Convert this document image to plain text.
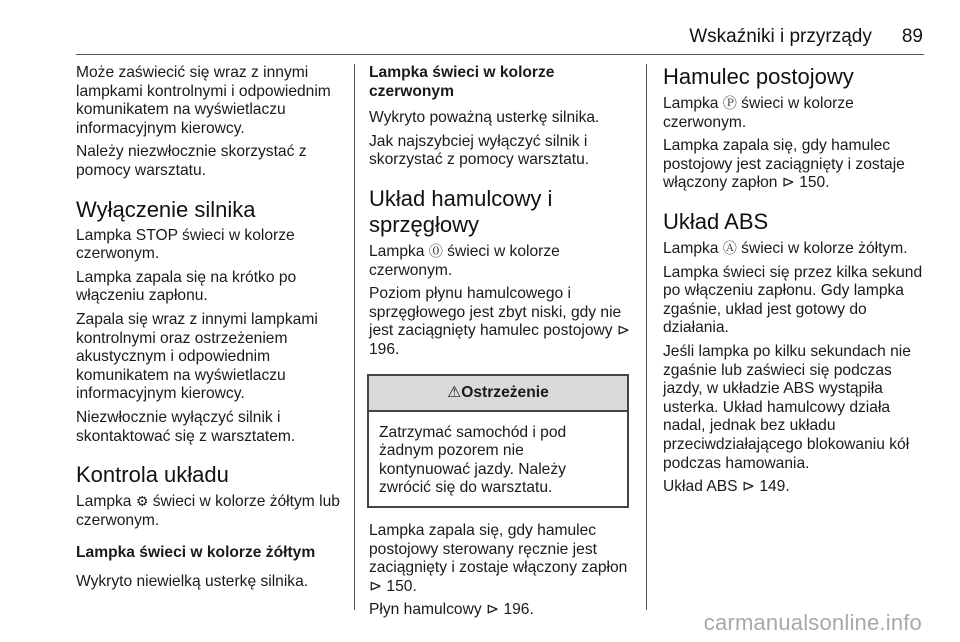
Wskaźniki i przyrządy 89

Może zaświecić się wraz z innymi lampkami kontrolnymi i odpowiednim komunikatem na wyświetlaczu informacyjnym kierowcy.

Należy niezwłocznie skorzystać z pomocy warsztatu.

Wyłączenie silnika

Lampka STOP świeci w kolorze czerwonym.

Lampka zapala się na krótko po włączeniu zapłonu.

Zapala się wraz z innymi lampkami kontrolnymi oraz ostrzeżeniem akustycznym i odpowiednim komunikatem na wyświetlaczu informacyjnym kierowcy.

Niezwłocznie wyłączyć silnik i skontaktować się z warsztatem.

Kontrola układu

Lampka ⚙ świeci w kolorze żółtym lub czerwonym.

Lampka świeci w kolorze żółtym

Wykryto niewielką usterkę silnika.

Lampka świeci w kolorze czerwonym

Wykryto poważną usterkę silnika.

Jak najszybciej wyłączyć silnik i skorzystać z pomocy warsztatu.

Układ hamulcowy i sprzęgłowy

Lampka ⓪ świeci w kolorze czerwonym.

Poziom płynu hamulcowego i sprzęgłowego jest zbyt niski, gdy nie jest zaciągnięty hamulec postojowy ⊳ 196.

⚠Ostrzeżenie
Zatrzymać samochód i pod żadnym pozorem nie kontynuować jazdy. Należy zwrócić się do warsztatu.

Lampka zapala się, gdy hamulec postojowy sterowany ręcznie jest zaciągnięty i zostaje włączony zapłon ⊳ 150.

Płyn hamulcowy ⊳ 196.

Hamulec postojowy

Lampka Ⓟ świeci w kolorze czerwonym.

Lampka zapala się, gdy hamulec postojowy jest zaciągnięty i zostaje włączony zapłon ⊳ 150.

Układ ABS

Lampka Ⓐ świeci w kolorze żółtym.

Lampka świeci się przez kilka sekund po włączeniu zapłonu. Gdy lampka zgaśnie, układ jest gotowy do działania.

Jeśli lampka po kilku sekundach nie zgaśnie lub zaświeci się podczas jazdy, w układzie ABS wystąpiła usterka. Układ hamulcowy działa nadal, jednak bez układu przeciwdziałającego blokowaniu kół podczas hamowania.

Układ ABS ⊳ 149.

carmanualsonline.info
